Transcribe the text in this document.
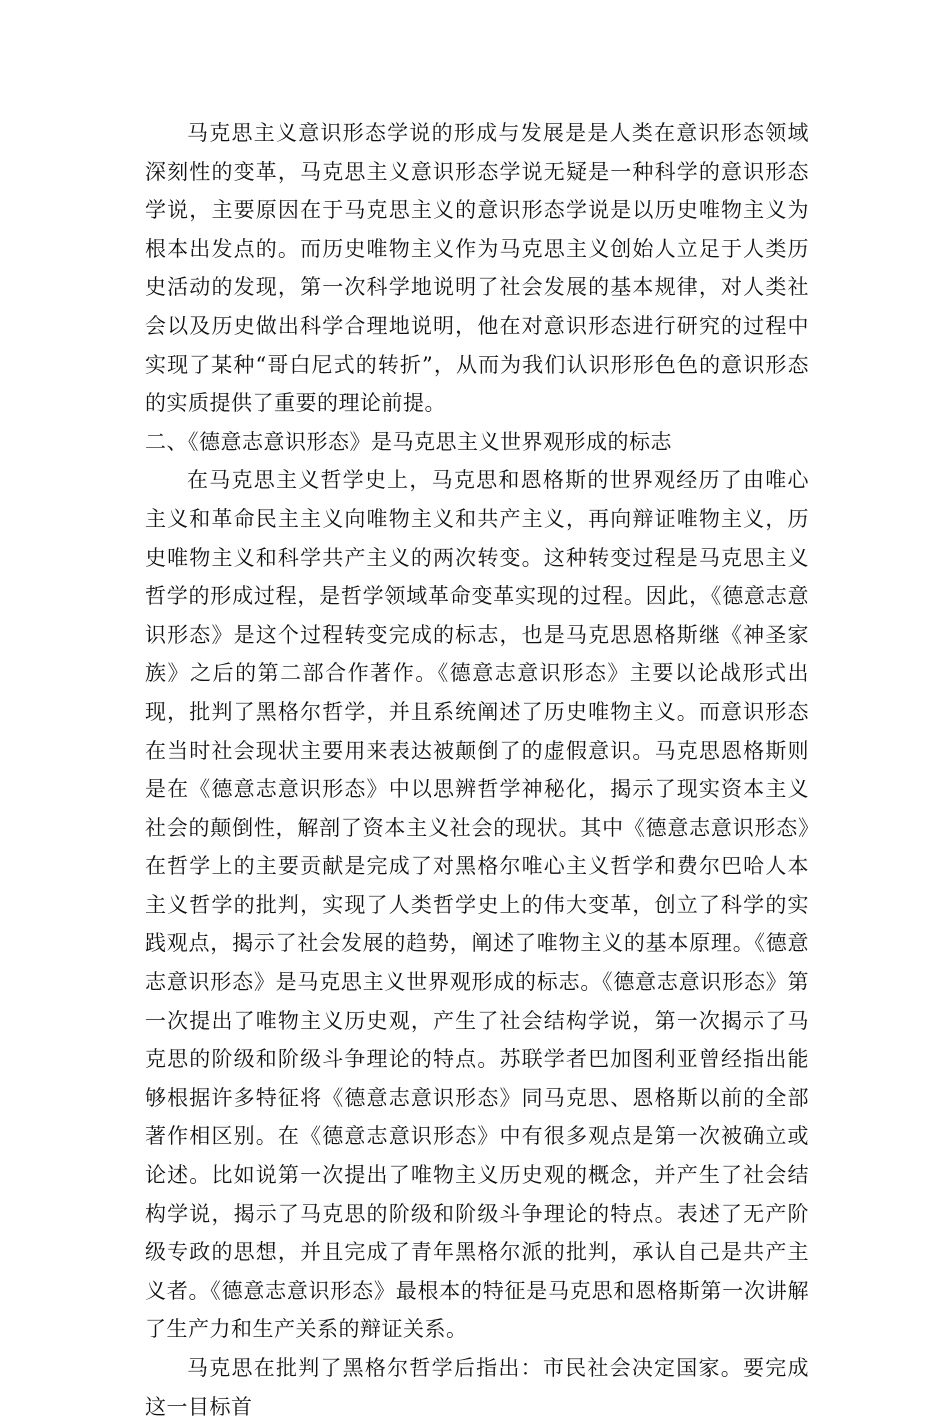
马克思主义意识形态学说的形成与发展是是人类在意识形态领域深刻性的变革，马克思主义意识形态学说无疑是一种科学的意识形态学说，主要原因在于马克思主义的意识形态学说是以历史唯物主义为根本出发点的。而历史唯物主义作为马克思主义创始人立足于人类历史活动的发现，第一次科学地说明了社会发展的基本规律，对人类社会以及历史做出科学合理地说明，他在对意识形态进行研究的过程中实现了某种“哥白尼式的转折”，从而为我们认识形形色色的意识形态的实质提供了重要的理论前提。

二、《德意志意识形态》是马克思主义世界观形成的标志

在马克思主义哲学史上，马克思和恩格斯的世界观经历了由唯心主义和革命民主主义向唯物主义和共产主义，再向辩证唯物主义，历史唯物主义和科学共产主义的两次转变。这种转变过程是马克思主义哲学的形成过程，是哲学领域革命变革实现的过程。因此，《德意志意识形态》是这个过程转变完成的标志，也是马克思恩格斯继《神圣家族》之后的第二部合作著作。《德意志意识形态》主要以论战形式出现，批判了黑格尔哲学，并且系统阐述了历史唯物主义。而意识形态在当时社会现状主要用来表达被颠倒了的虚假意识。马克思恩格斯则是在《德意志意识形态》中以思辨哲学神秘化，揭示了现实资本主义社会的颠倒性，解剖了资本主义社会的现状。其中《德意志意识形态》在哲学上的主要贡献是完成了对黑格尔唯心主义哲学和费尔巴哈人本主义哲学的批判，实现了人类哲学史上的伟大变革，创立了科学的实践观点，揭示了社会发展的趋势，阐述了唯物主义的基本原理。《德意志意识形态》是马克思主义世界观形成的标志。《德意志意识形态》第一次提出了唯物主义历史观，产生了社会结构学说，第一次揭示了马克思的阶级和阶级斗争理论的特点。苏联学者巴加图利亚曾经指出能够根据许多特征将《德意志意识形态》同马克思、恩格斯以前的全部著作相区别。在《德意志意识形态》中有很多观点是第一次被确立或论述。比如说第一次提出了唯物主义历史观的概念，并产生了社会结构学说，揭示了马克思的阶级和阶级斗争理论的特点。表述了无产阶级专政的思想，并且完成了青年黑格尔派的批判，承认自己是共产主义者。《德意志意识形态》最根本的特征是马克思和恩格斯第一次讲解了生产力和生产关系的辩证关系。

马克思在批判了黑格尔哲学后指出：市民社会决定国家。要完成这一目标首
